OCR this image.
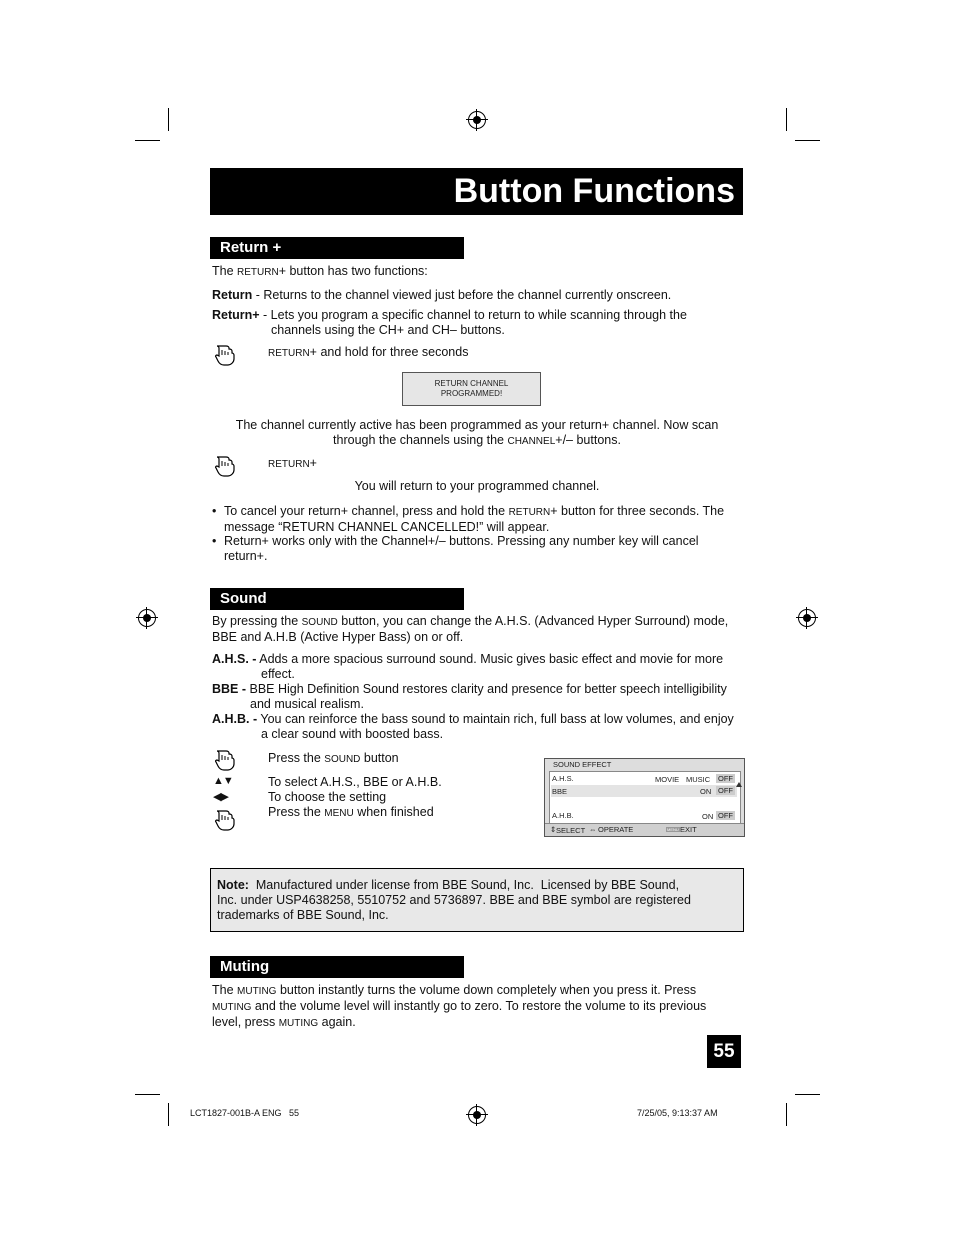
Button Functions
Return +
The RETURN+ button has two functions:
Return - Returns to the channel viewed just before the channel currently onscreen.
Return+ - Lets you program a specific channel to return to while scanning through the
channels using the CH+ and CH– buttons.
RETURN+ and hold for three seconds
RETURN CHANNEL
PROGRAMMED!
The channel currently active has been programmed as your return+ channel. Now scan
through the channels using the CHANNEL+/– buttons.
RETURN+
You will return to your programmed channel.
• To cancel your return+ channel, press and hold the RETURN+ button for three seconds. The
message “RETURN CHANNEL CANCELLED!” will appear.
• Return+ works only with the Channel+/– buttons. Pressing any number key will cancel
return+.
Sound
By pressing the SOUND button, you can change the A.H.S. (Advanced Hyper Surround) mode,
BBE and A.H.B (Active Hyper Bass) on or off.
A.H.S. - Adds a more spacious surround sound. Music gives basic effect and movie for more
effect.
BBE - BBE High Definition Sound restores clarity and presence for better speech intelligibility
and musical realism.
A.H.B. - You can reinforce the bass sound to maintain rich, full bass at low volumes, and enjoy
a clear sound with boosted bass.
Press the SOUND button
▲▼	To select A.H.S., BBE or A.H.B.
◀▶	To choose the setting
Press the MENU when finished
SOUND EFFECT
A.H.S.	MOVIE MUSIC OFF
BBE	ON OFF
A.H.B.	ON OFF
⇕ SELECT ⇔ OPERATE	MENU EXIT
Note:  Manufactured under license from BBE Sound, Inc.  Licensed by BBE Sound,
Inc. under USP4638258, 5510752 and 5736897. BBE and BBE symbol are registered
trademarks of BBE Sound, Inc.
Muting
The MUTING button instantly turns the volume down completely when you press it. Press
MUTING and the volume level will instantly go to zero. To restore the volume to its previous
level, press MUTING again.
55
LCT1827-001B-A ENG   55	7/25/05, 9:13:37 AM
